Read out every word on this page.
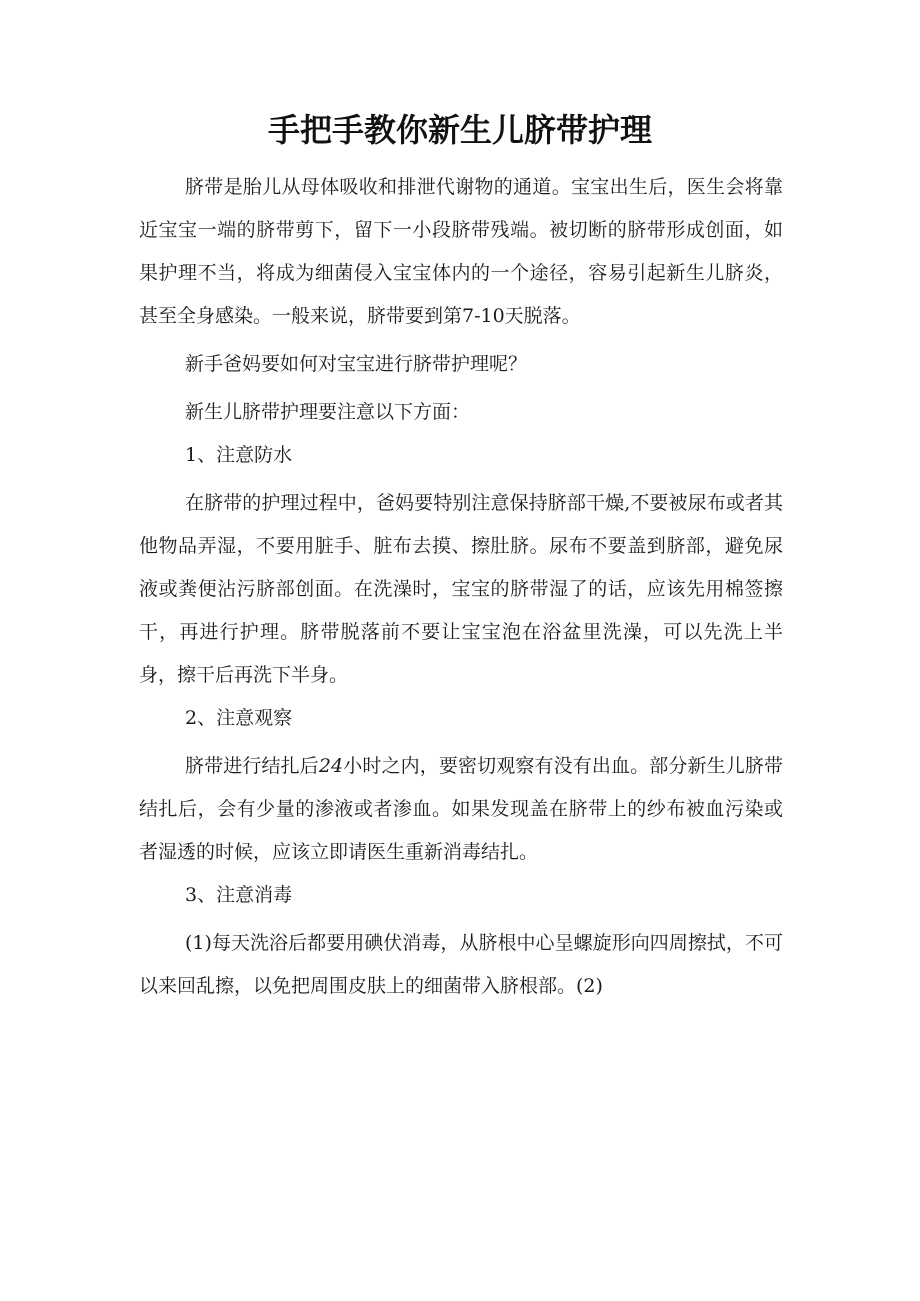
手把手教你新生儿脐带护理

脐带是胎儿从母体吸收和排泄代谢物的通道。宝宝出生后，医生会将靠近宝宝一端的脐带剪下，留下一小段脐带残端。被切断的脐带形成创面，如果护理不当，将成为细菌侵入宝宝体内的一个途径，容易引起新生儿脐炎，甚至全身感染。一般来说，脐带要到第7-10天脱落。

新手爸妈要如何对宝宝进行脐带护理呢？

新生儿脐带护理要注意以下方面：

1、注意防水

在脐带的护理过程中，爸妈要特别注意保持脐部干燥,不要被尿布或者其他物品弄湿，不要用脏手、脏布去摸、擦肚脐。尿布不要盖到脐部，避免尿液或粪便沾污脐部创面。在洗澡时，宝宝的脐带湿了的话，应该先用棉签擦干，再进行护理。脐带脱落前不要让宝宝泡在浴盆里洗澡，可以先洗上半身，擦干后再洗下半身。

2、注意观察

脐带进行结扎后24小时之内，要密切观察有没有出血。部分新生儿脐带结扎后，会有少量的渗液或者渗血。如果发现盖在脐带上的纱布被血污染或者湿透的时候，应该立即请医生重新消毒结扎。

3、注意消毒

(1)每天洗浴后都要用碘伏消毒，从脐根中心呈螺旋形向四周擦拭，不可以来回乱擦，以免把周围皮肤上的细菌带入脐根部。(2)
